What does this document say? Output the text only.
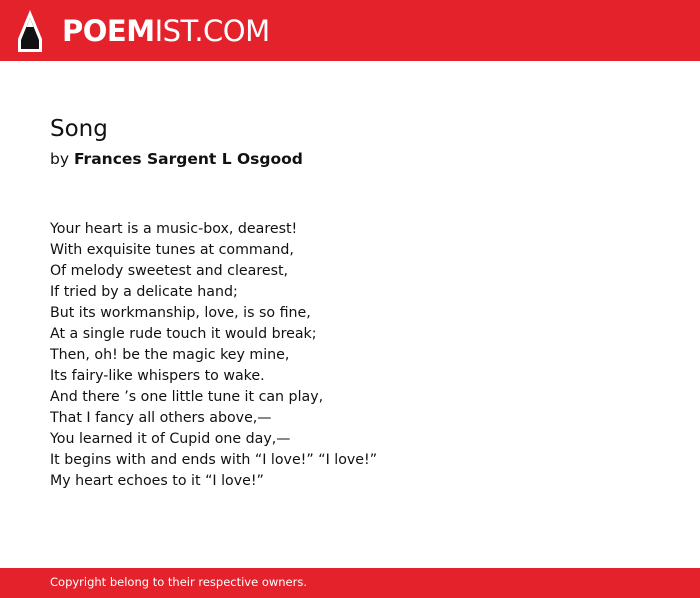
POEM IST.COM
Song
by Frances Sargent L Osgood
Your heart is a music-box, dearest!
With exquisite tunes at command,
Of melody sweetest and clearest,
If tried by a delicate hand;
But its workmanship, love, is so fine,
At a single rude touch it would break;
Then, oh! be the magic key mine,
Its fairy-like whispers to wake.
And there ’s one little tune it can play,
That I fancy all others above,—
You learned it of Cupid one day,—
It begins with and ends with “I love!” “I love!”
My heart echoes to it “I love!”
Copyright belong to their respective owners.
